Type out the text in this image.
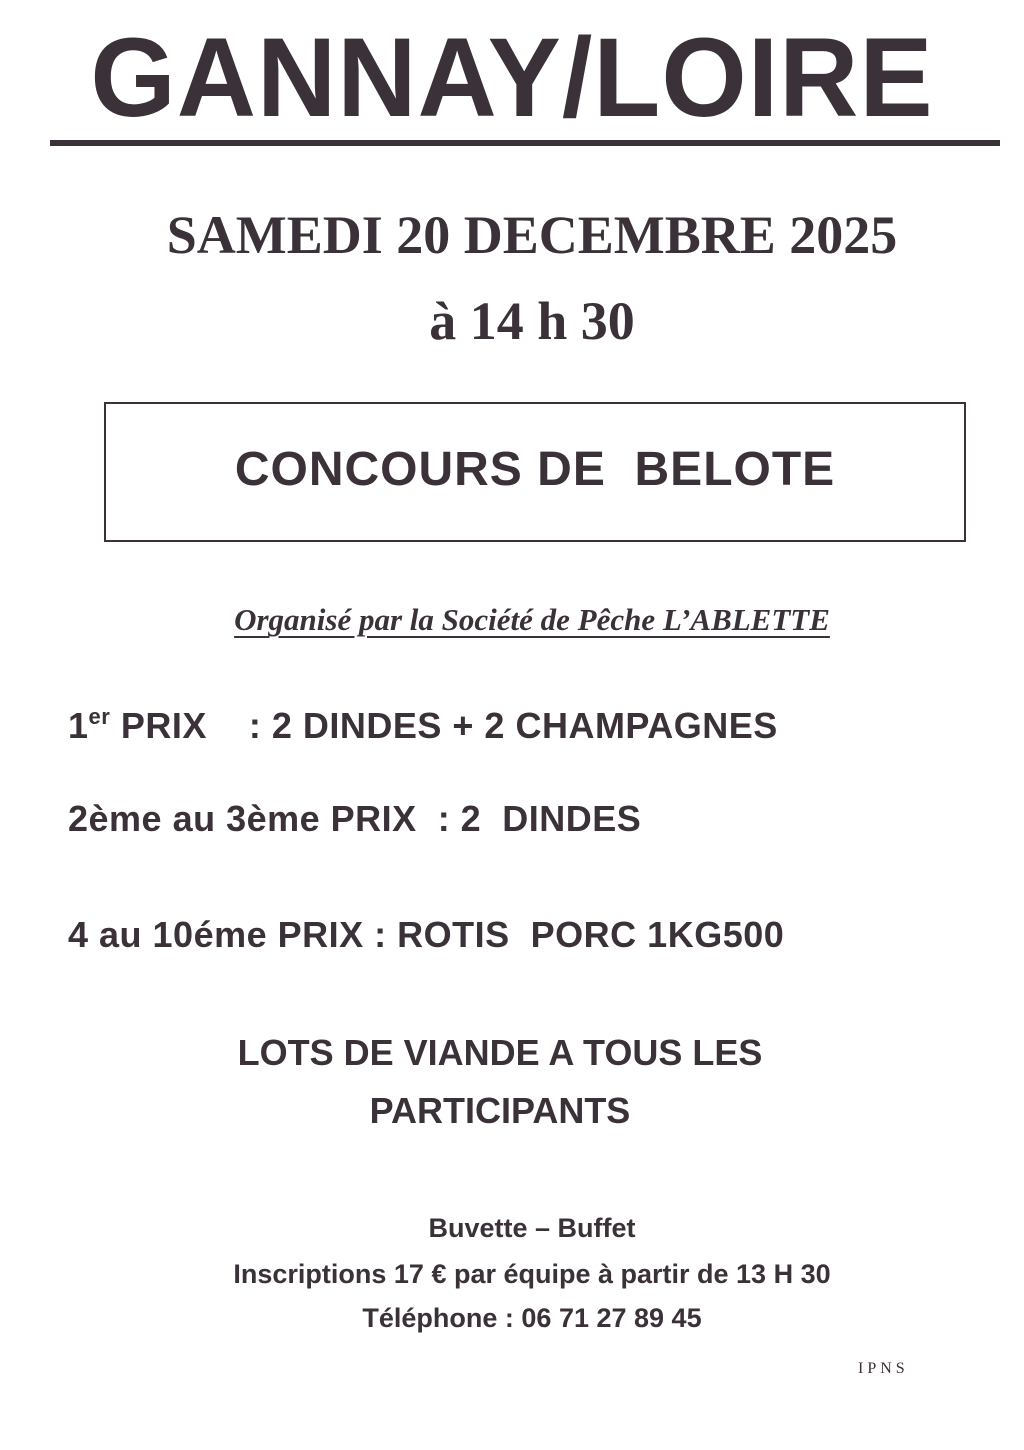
GANNAY/LOIRE
SAMEDI 20 DECEMBRE 2025
à 14 h 30
CONCOURS DE  BELOTE
Organisé par la Société de Pêche L’ABLETTE
1er PRIX    : 2 DINDES + 2 CHAMPAGNES
2ème au 3ème PRIX  : 2  DINDES
4 au 10éme PRIX : ROTIS  PORC 1KG500
LOTS DE VIANDE A TOUS LES
PARTICIPANTS
Buvette – Buffet
Inscriptions 17 € par équipe à partir de 13 H 30
Téléphone : 06 71 27 89 45
IPNS
